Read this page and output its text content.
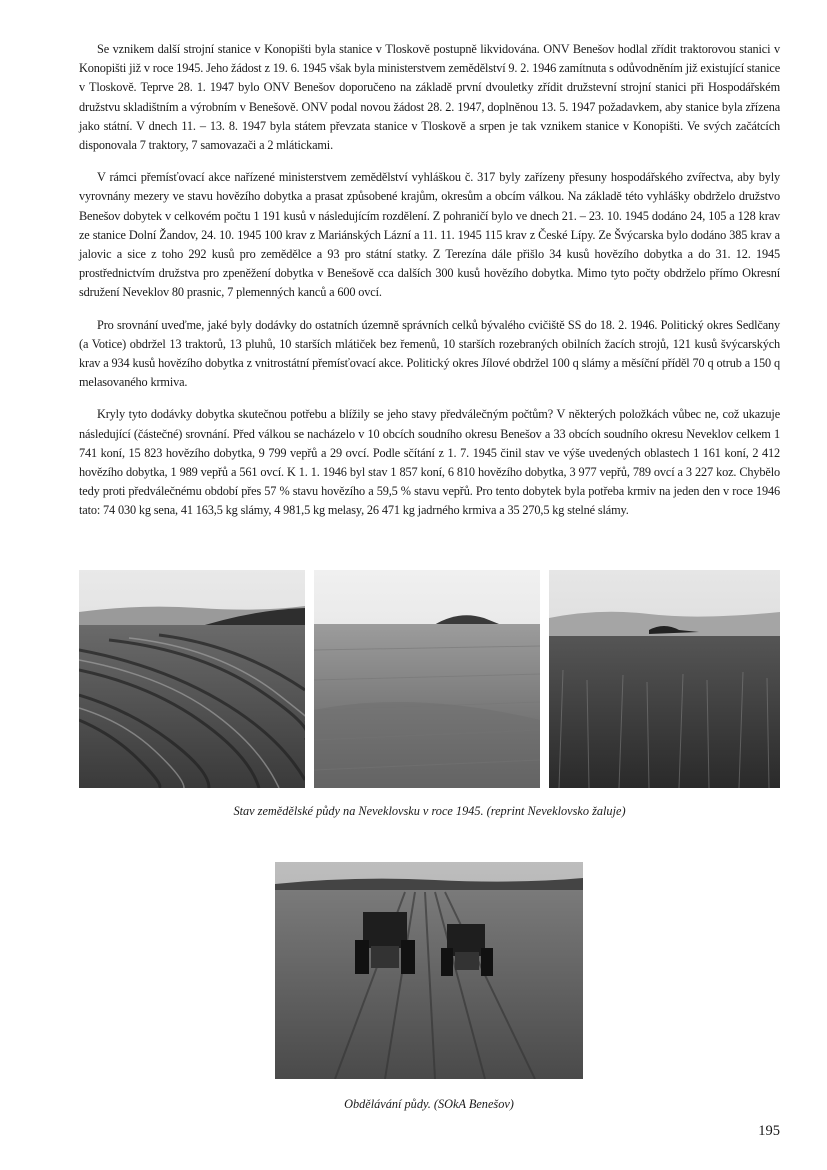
Se vznikem další strojní stanice v Konopišti byla stanice v Tloskově postupně likvidována. ONV Benešov hodlal zřídit traktorovou stanici v Konopišti již v roce 1945. Jeho žádost z 19. 6. 1945 však byla ministerstvem zemědělství 9. 2. 1946 zamítnuta s odůvodněním již existující stanice v Tloskově. Teprve 28. 1. 1947 bylo ONV Benešov doporučeno na základě první dvouletky zřídit družstevní strojní stanici při Hospodářském družstvu skladištním a výrobním v Benešově. ONV podal novou žádost 28. 2. 1947, doplněnou 13. 5. 1947 požadavkem, aby stanice byla zřízena jako státní. V dnech 11. – 13. 8. 1947 byla státem převzata stanice v Tloskově a srpen je tak vznikem stanice v Konopišti. Ve svých začátcích disponovala 7 traktory, 7 samovazači a 2 mlátickami.

V rámci přemísťovací akce nařízené ministerstvem zemědělství vyhláškou č. 317 byly zařízeny přesuny hospodářského zvířectva, aby byly vyrovnány mezery ve stavu hovězího dobytka a prasat způsobené krajům, okresům a obcím válkou. Na základě této vyhlášky obdrželo družstvo Benešov dobytek v celkovém počtu 1 191 kusů v následujícím rozdělení. Z pohraničí bylo ve dnech 21. – 23. 10. 1945 dodáno 24, 105 a 128 krav ze stanice Dolní Žandov, 24. 10. 1945 100 krav z Mariánských Lázní a 11. 11. 1945 115 krav z České Lípy. Ze Švýcarska bylo dodáno 385 krav a jalovic a sice z toho 292 kusů pro zemědělce a 93 pro státní statky. Z Terezína dále přišlo 34 kusů hovězího dobytka a do 31. 12. 1945 prostřednictvím družstva pro zpeněžení dobytka v Benešově cca dalších 300 kusů hovězího dobytka. Mimo tyto počty obdrželo přímo Okresní sdružení Neveklov 80 prasnic, 7 plemenných kanců a 600 ovcí.

Pro srovnání uveďme, jaké byly dodávky do ostatních územně správních celků bývalého cvičiště SS do 18. 2. 1946. Politický okres Sedlčany (a Votice) obdržel 13 traktorů, 13 pluhů, 10 starších mlátiček bez řemenů, 10 starších rozebraných obilních žacích strojů, 121 kusů švýcarských krav a 934 kusů hovězího dobytka z vnitrostátní přemísťovací akce. Politický okres Jílové obdržel 100 q slámy a měsíční příděl 70 q otrub a 150 q melasovaného krmiva.

Kryly tyto dodávky dobytka skutečnou potřebu a blížily se jeho stavy předválečným počtům? V některých položkách vůbec ne, což ukazuje následující (částečné) srovnání. Před válkou se nacházelo v 10 obcích soudního okresu Benešov a 33 obcích soudního okresu Neveklov celkem 1 741 koní, 15 823 hovězího dobytka, 9 799 vepřů a 29 ovcí. Podle sčítání z 1. 7. 1945 činil stav ve výše uvedených oblastech 1 161 koní, 2 412 hovězího dobytka, 1 989 vepřů a 561 ovcí. K 1. 1. 1946 byl stav 1 857 koní, 6 810 hovězího dobytka, 3 977 vepřů, 789 ovcí a 3 227 koz. Chybělo tedy proti předválečnému období přes 57 % stavu hovězího a 59,5 % stavu vepřů. Pro tento dobytek byla potřeba krmiv na jeden den v roce 1946 tato: 74 030 kg sena, 41 163,5 kg slámy, 4 981,5 kg melasy, 26 471 kg jadrného krmiva a 35 270,5 kg stelné slámy.

Stav zemědělské půdy na Neveklovsku v roce 1945. (reprint Neveklovsko žaluje)
Obdělávání půdy. (SOkA Benešov)
195
